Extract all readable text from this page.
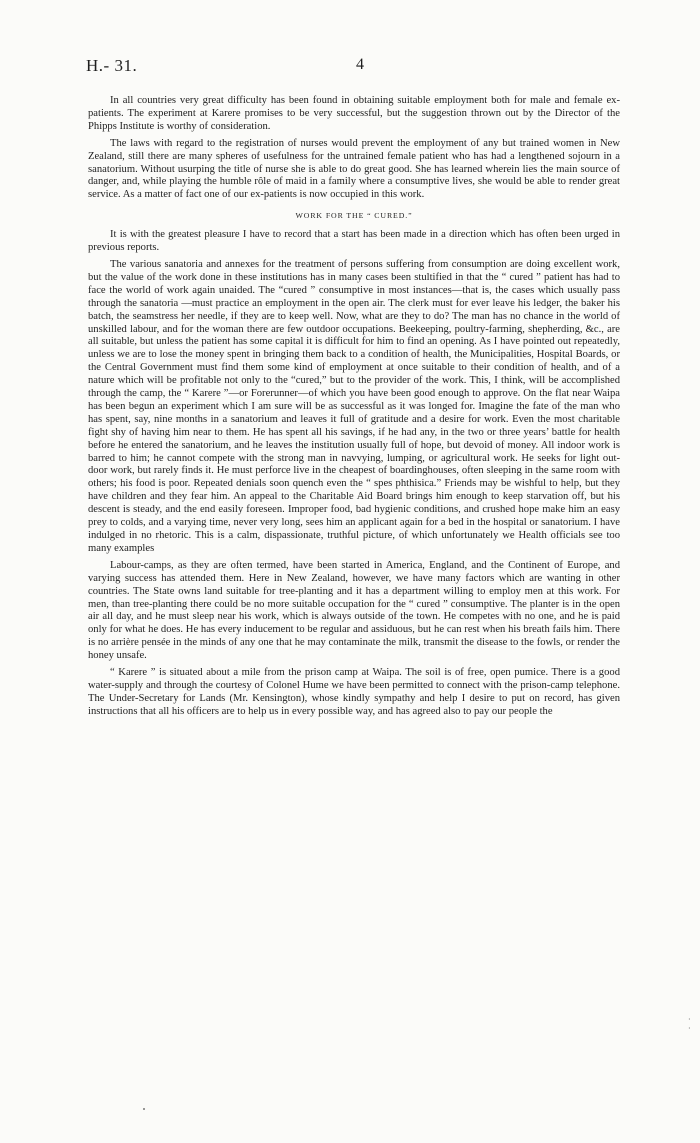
H.- 31.	4

In all countries very great difficulty has been found in obtaining suitable employment both for male and female ex-patients. The experiment at Karere promises to be very successful, but the suggestion thrown out by the Director of the Phipps Institute is worthy of consideration.

The laws with regard to the registration of nurses would prevent the employment of any but trained women in New Zealand, still there are many spheres of usefulness for the untrained female patient who has had a lengthened sojourn in a sanatorium. Without usurping the title of nurse she is able to do great good. She has learned wherein lies the main source of danger, and, while playing the humble rôle of maid in a family where a consumptive lives, she would be able to render great service. As a matter of fact one of our ex-patients is now occupied in this work.

WORK FOR THE “ CURED.”

It is with the greatest pleasure I have to record that a start has been made in a direction which has often been urged in previous reports.

The various sanatoria and annexes for the treatment of persons suffering from consumption are doing excellent work, but the value of the work done in these institutions has in many cases been stultified in that the “ cured ” patient has had to face the world of work again unaided. The “cured ” consumptive in most instances—that is, the cases which usually pass through the sanatoria —must practice an employment in the open air. The clerk must for ever leave his ledger, the baker his batch, the seamstress her needle, if they are to keep well. Now, what are they to do? The man has no chance in the world of unskilled labour, and for the woman there are few outdoor occupations. Beekeeping, poultry-farming, shepherding, &c., are all suitable, but unless the patient has some capital it is difficult for him to find an opening. As I have pointed out repeatedly, unless we are to lose the money spent in bringing them back to a condition of health, the Municipalities, Hospital Boards, or the Central Government must find them some kind of employment at once suitable to their condition of health, and of a nature which will be profitable not only to the “cured,” but to the provider of the work. This, I think, will be accomplished through the camp, the “ Karere ”—or Forerunner—of which you have been good enough to approve. On the flat near Waipa has been begun an experiment which I am sure will be as successful as it was longed for. Imagine the fate of the man who has spent, say, nine months in a sanatorium and leaves it full of gratitude and a desire for work. Even the most charitable fight shy of having him near to them. He has spent all his savings, if he had any, in the two or three years’ battle for health before he entered the sanatorium, and he leaves the institution usually full of hope, but devoid of money. All indoor work is barred to him; he cannot compete with the strong man in navvying, lumping, or agricultural work. He seeks for light out-door work, but rarely finds it. He must perforce live in the cheapest of boardinghouses, often sleeping in the same room with others; his food is poor. Repeated denials soon quench even the “ spes phthisica.” Friends may be wishful to help, but they have children and they fear him. An appeal to the Charitable Aid Board brings him enough to keep starvation off, but his descent is steady, and the end easily foreseen. Improper food, bad hygienic conditions, and crushed hope make him an easy prey to colds, and a varying time, never very long, sees him an applicant again for a bed in the hospital or sanatorium. I have indulged in no rhetoric. This is a calm, dispassionate, truthful picture, of which unfortunately we Health officials see too many examples

Labour-camps, as they are often termed, have been started in America, England, and the Continent of Europe, and varying success has attended them. Here in New Zealand, however, we have many factors which are wanting in other countries. The State owns land suitable for tree-planting and it has a department willing to employ men at this work. For men, than tree-planting there could be no more suitable occupation for the “ cured ” consumptive. The planter is in the open air all day, and he must sleep near his work, which is always outside of the town. He competes with no one, and he is paid only for what he does. He has every inducement to be regular and assiduous, but he can rest when his breath fails him. There is no arrière pensée in the minds of any one that he may contaminate the milk, transmit the disease to the fowls, or render the honey unsafe.

“ Karere ” is situated about a mile from the prison camp at Waipa. The soil is of free, open pumice. There is a good water-supply and through the courtesy of Colonel Hume we have been permitted to connect with the prison-camp telephone. The Under-Secretary for Lands (Mr. Kensington), whose kindly sympathy and help I desire to put on record, has given instructions that all his officers are to help us in every possible way, and has agreed also to pay our people the

·
·
